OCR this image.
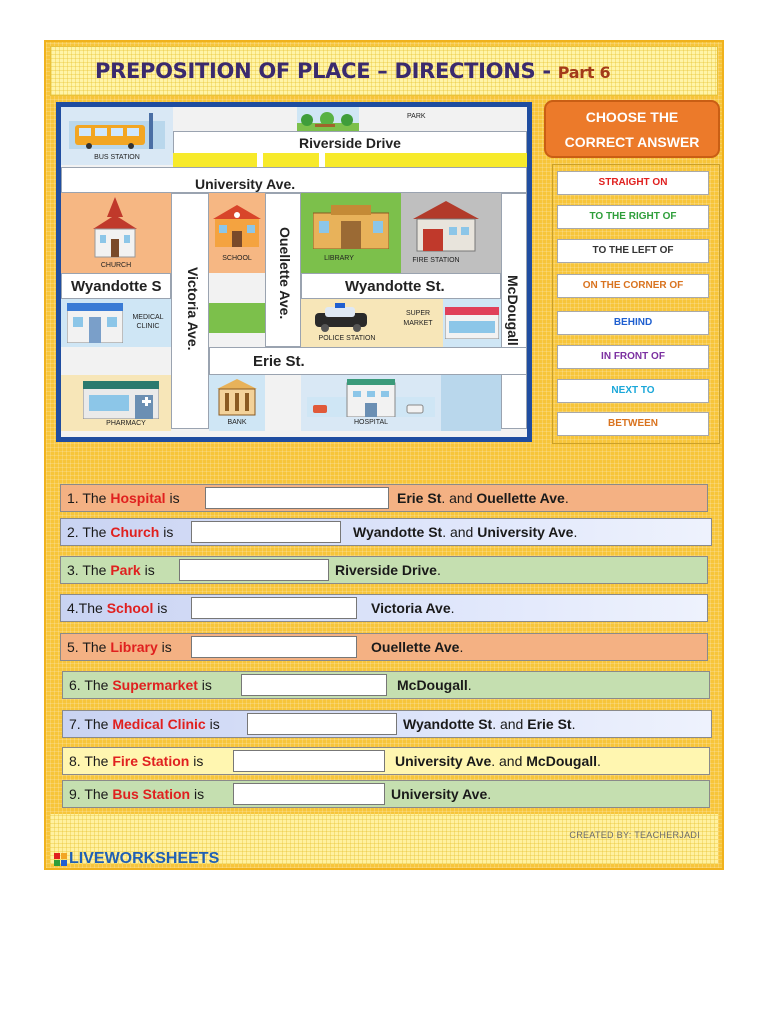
PREPOSITION OF PLACE – DIRECTIONS - Part 6
BUS STATION
PARK
Riverside Drive
University Ave.
CHURCH
Victoria Ave.
SCHOOL	Ouellette Ave.	LIBRARY	FIRE STATION
McDougall
Wyandotte S	Wyandotte St.
MEDICAL CLINIC
POLICE STATION
SUPER MARKET
Erie St.
PHARMACY	BANK	HOSPITAL
CHOOSE THE
CORRECT ANSWER
STRAIGHT ON
TO THE RIGHT OF
TO THE LEFT OF
ON THE CORNER OF
BEHIND
IN FRONT OF
NEXT TO
BETWEEN
1. The Hospital is	Erie St. and Ouellette Ave.
2. The Church is	Wyandotte St. and University Ave.
3. The Park is	Riverside Drive.
4.The School is	Victoria Ave.
5. The Library is	Ouellette Ave.
6. The Supermarket is	McDougall.
7. The Medical Clinic is	Wyandotte St. and Erie St.
8. The Fire Station is	University Ave. and McDougall.
9. The Bus Station is	University Ave.
CREATED BY: TEACHERJADI
LIVEWORKSHEETS
